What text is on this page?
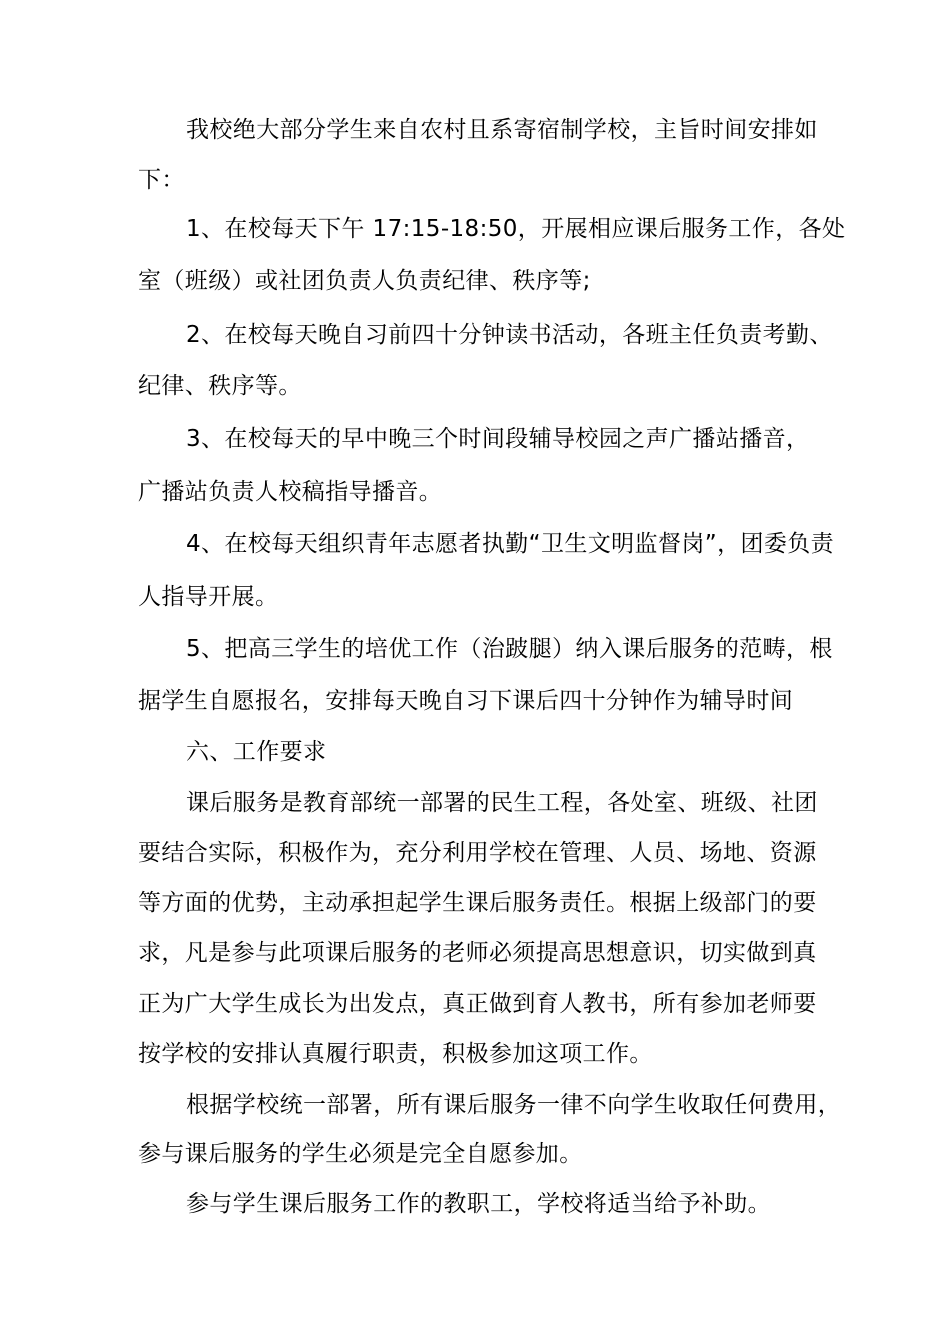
我校绝大部分学生来自农村且系寄宿制学校，主旨时间安排如
下：
1、在校每天下午 17:15-18:50，开展相应课后服务工作，各处
室（班级）或社团负责人负责纪律、秩序等;
2、在校每天晚自习前四十分钟读书活动，各班主任负责考勤、
纪律、秩序等。
3、在校每天的早中晚三个时间段辅导校园之声广播站播音，
广播站负责人校稿指导播音。
4、在校每天组织青年志愿者执勤“卫生文明监督岗”，团委负责
人指导开展。
5、把高三学生的培优工作（治跛腿）纳入课后服务的范畴，根
据学生自愿报名，安排每天晚自习下课后四十分钟作为辅导时间
六、工作要求
课后服务是教育部统一部署的民生工程，各处室、班级、社团
要结合实际，积极作为，充分利用学校在管理、人员、场地、资源
等方面的优势，主动承担起学生课后服务责任。根据上级部门的要
求，凡是参与此项课后服务的老师必须提高思想意识，切实做到真
正为广大学生成长为出发点，真正做到育人教书，所有参加老师要
按学校的安排认真履行职责，积极参加这项工作。
根据学校统一部署，所有课后服务一律不向学生收取任何费用，
参与课后服务的学生必须是完全自愿参加。
参与学生课后服务工作的教职工，学校将适当给予补助。
